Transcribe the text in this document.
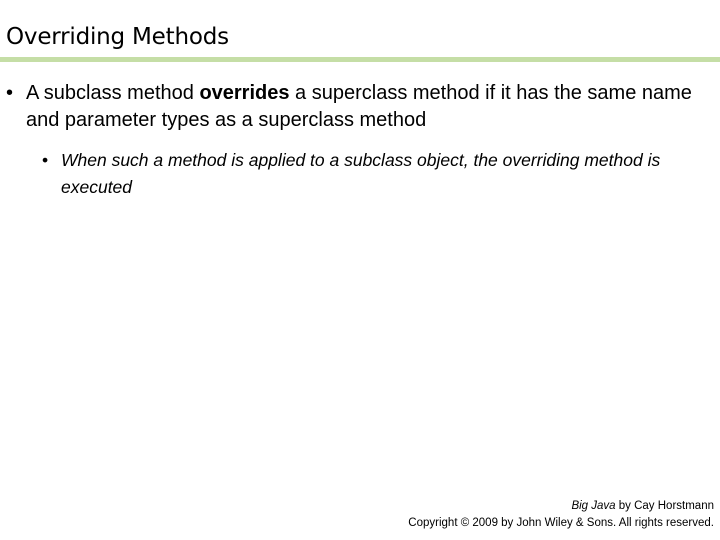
Overriding Methods
• A subclass method overrides a superclass method if it has the same name and parameter types as a superclass method
• When such a method is applied to a subclass object, the overriding method is executed
Big Java by Cay Horstmann
Copyright © 2009 by John Wiley & Sons. All rights reserved.
